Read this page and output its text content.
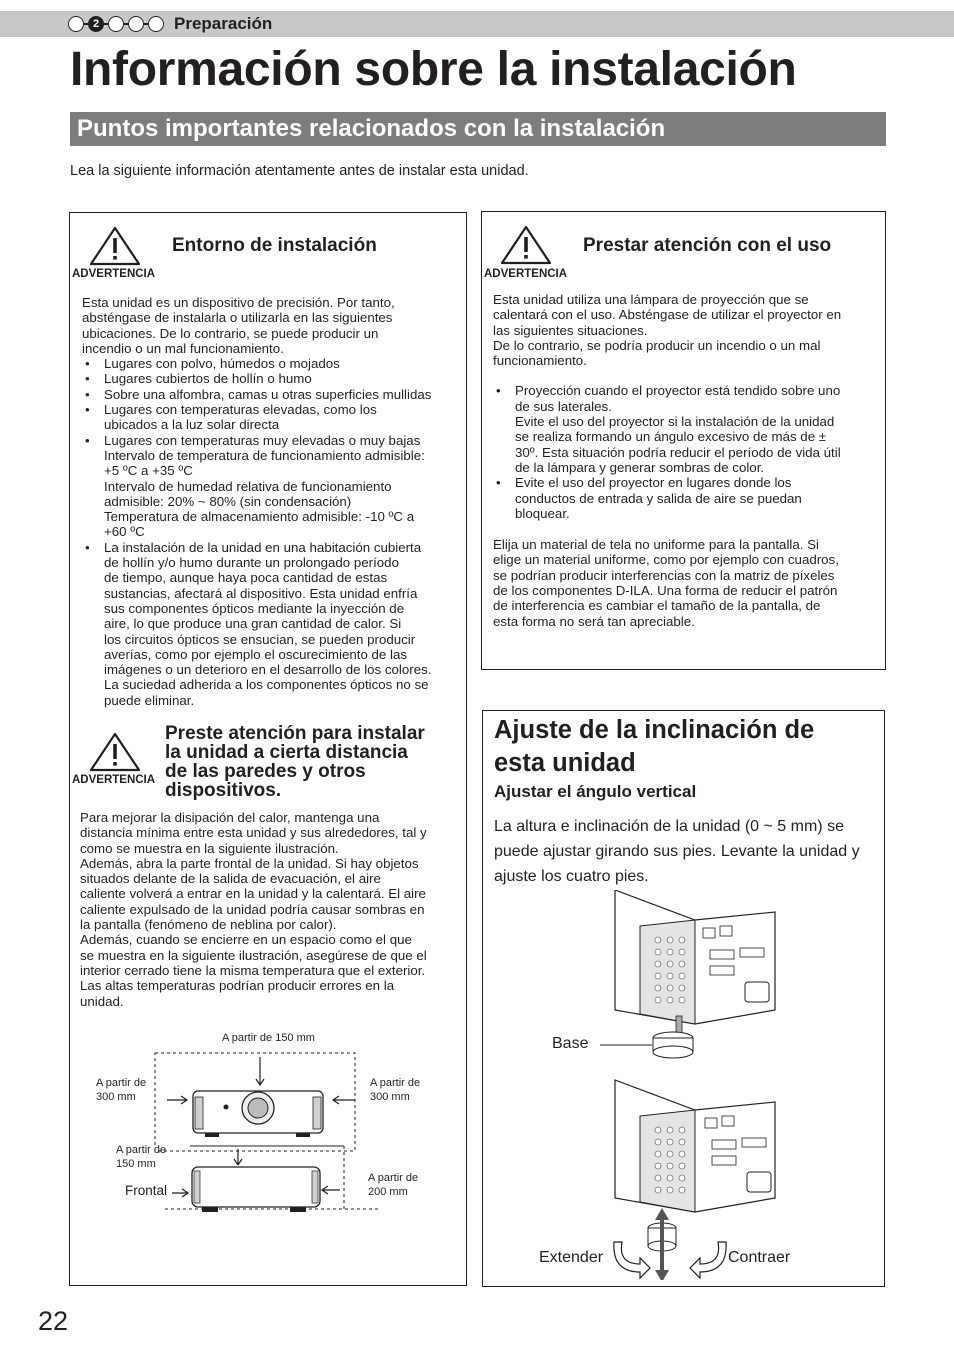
2	Preparación
Información sobre la instalación
Puntos importantes relacionados con la instalación
Lea la siguiente información atentamente antes de instalar esta unidad.
ADVERTENCIA
Entorno de instalación

Esta unidad es un dispositivo de precisión. Por tanto,
absténgase de instalarla o utilizarla en las siguientes
ubicaciones. De lo contrario, se puede producir un
incendio o un mal funcionamiento.

• Lugares con polvo, húmedos o mojados
• Lugares cubiertos de hollín o humo
• Sobre una alfombra, camas u otras superficies mullidas
• Lugares con temperaturas elevadas, como los
ubicados a la luz solar directa
• Lugares con temperaturas muy elevadas o muy bajas
Intervalo de temperatura de funcionamiento admisible:
+5 ºC a +35 ºC
Intervalo de humedad relativa de funcionamiento
admisible: 20% ~ 80% (sin condensación)
Temperatura de almacenamiento admisible: -10 ºC a
+60 ºC
• La instalación de la unidad en una habitación cubierta
de hollín y/o humo durante un prolongado período
de tiempo, aunque haya poca cantidad de estas
sustancias, afectará al dispositivo. Esta unidad enfría
sus componentes ópticos mediante la inyección de
aire, lo que produce una gran cantidad de calor. Si
los circuitos ópticos se ensucian, se pueden producir
averías, como por ejemplo el oscurecimiento de las
imágenes o un deterioro en el desarrollo de los colores.
La suciedad adherida a los componentes ópticos no se
puede eliminar.
ADVERTENCIA
Preste atención para instalar
la unidad a cierta distancia
de las paredes y otros
dispositivos.
Para mejorar la disipación del calor, mantenga una
distancia mínima entre esta unidad y sus alrededores, tal y
como se muestra en la siguiente ilustración.
Además, abra la parte frontal de la unidad. Si hay objetos
situados delante de la salida de evacuación, el aire
caliente volverá a entrar en la unidad y la calentará. El aire
caliente expulsado de la unidad podría causar sombras en
la pantalla (fenómeno de neblina por calor).
Además, cuando se encierre en un espacio como el que
se muestra en la siguiente ilustración, asegúrese de que el
interior cerrado tiene la misma temperatura que el exterior.
Las altas temperaturas podrían producir errores en la
unidad.
A partir de 150 mm
A partir de
300 mm
A partir de
300 mm
A partir de
150 mm
A partir de
200 mm
Frontal
ADVERTENCIA
Prestar atención con el uso

Esta unidad utiliza una lámpara de proyección que se
calentará con el uso. Absténgase de utilizar el proyector en
las siguientes situaciones.
De lo contrario, se podría producir un incendio o un mal
funcionamiento.

• Proyección cuando el proyector está tendido sobre uno
de sus laterales.
Evite el uso del proyector si la instalación de la unidad
se realiza formando un ángulo excesivo de más de ±
30º. Esta situación podría reducir el período de vida útil
de la lámpara y generar sombras de color.
• Evite el uso del proyector en lugares donde los
conductos de entrada y salida de aire se puedan
bloquear.

Elija un material de tela no uniforme para la pantalla. Si
elige un material uniforme, como por ejemplo con cuadros,
se podrían producir interferencias con la matriz de píxeles
de los componentes D-ILA. Una forma de reducir el patrón
de interferencia es cambiar el tamaño de la pantalla, de
esta forma no será tan apreciable.

Ajuste de la inclinación de
esta unidad
Ajustar el ángulo vertical
La altura e inclinación de la unidad (0 ~ 5 mm) se puede ajustar girando sus pies. Levante la unidad y ajuste los cuatro pies.
Base
Extender	Contraer
22
